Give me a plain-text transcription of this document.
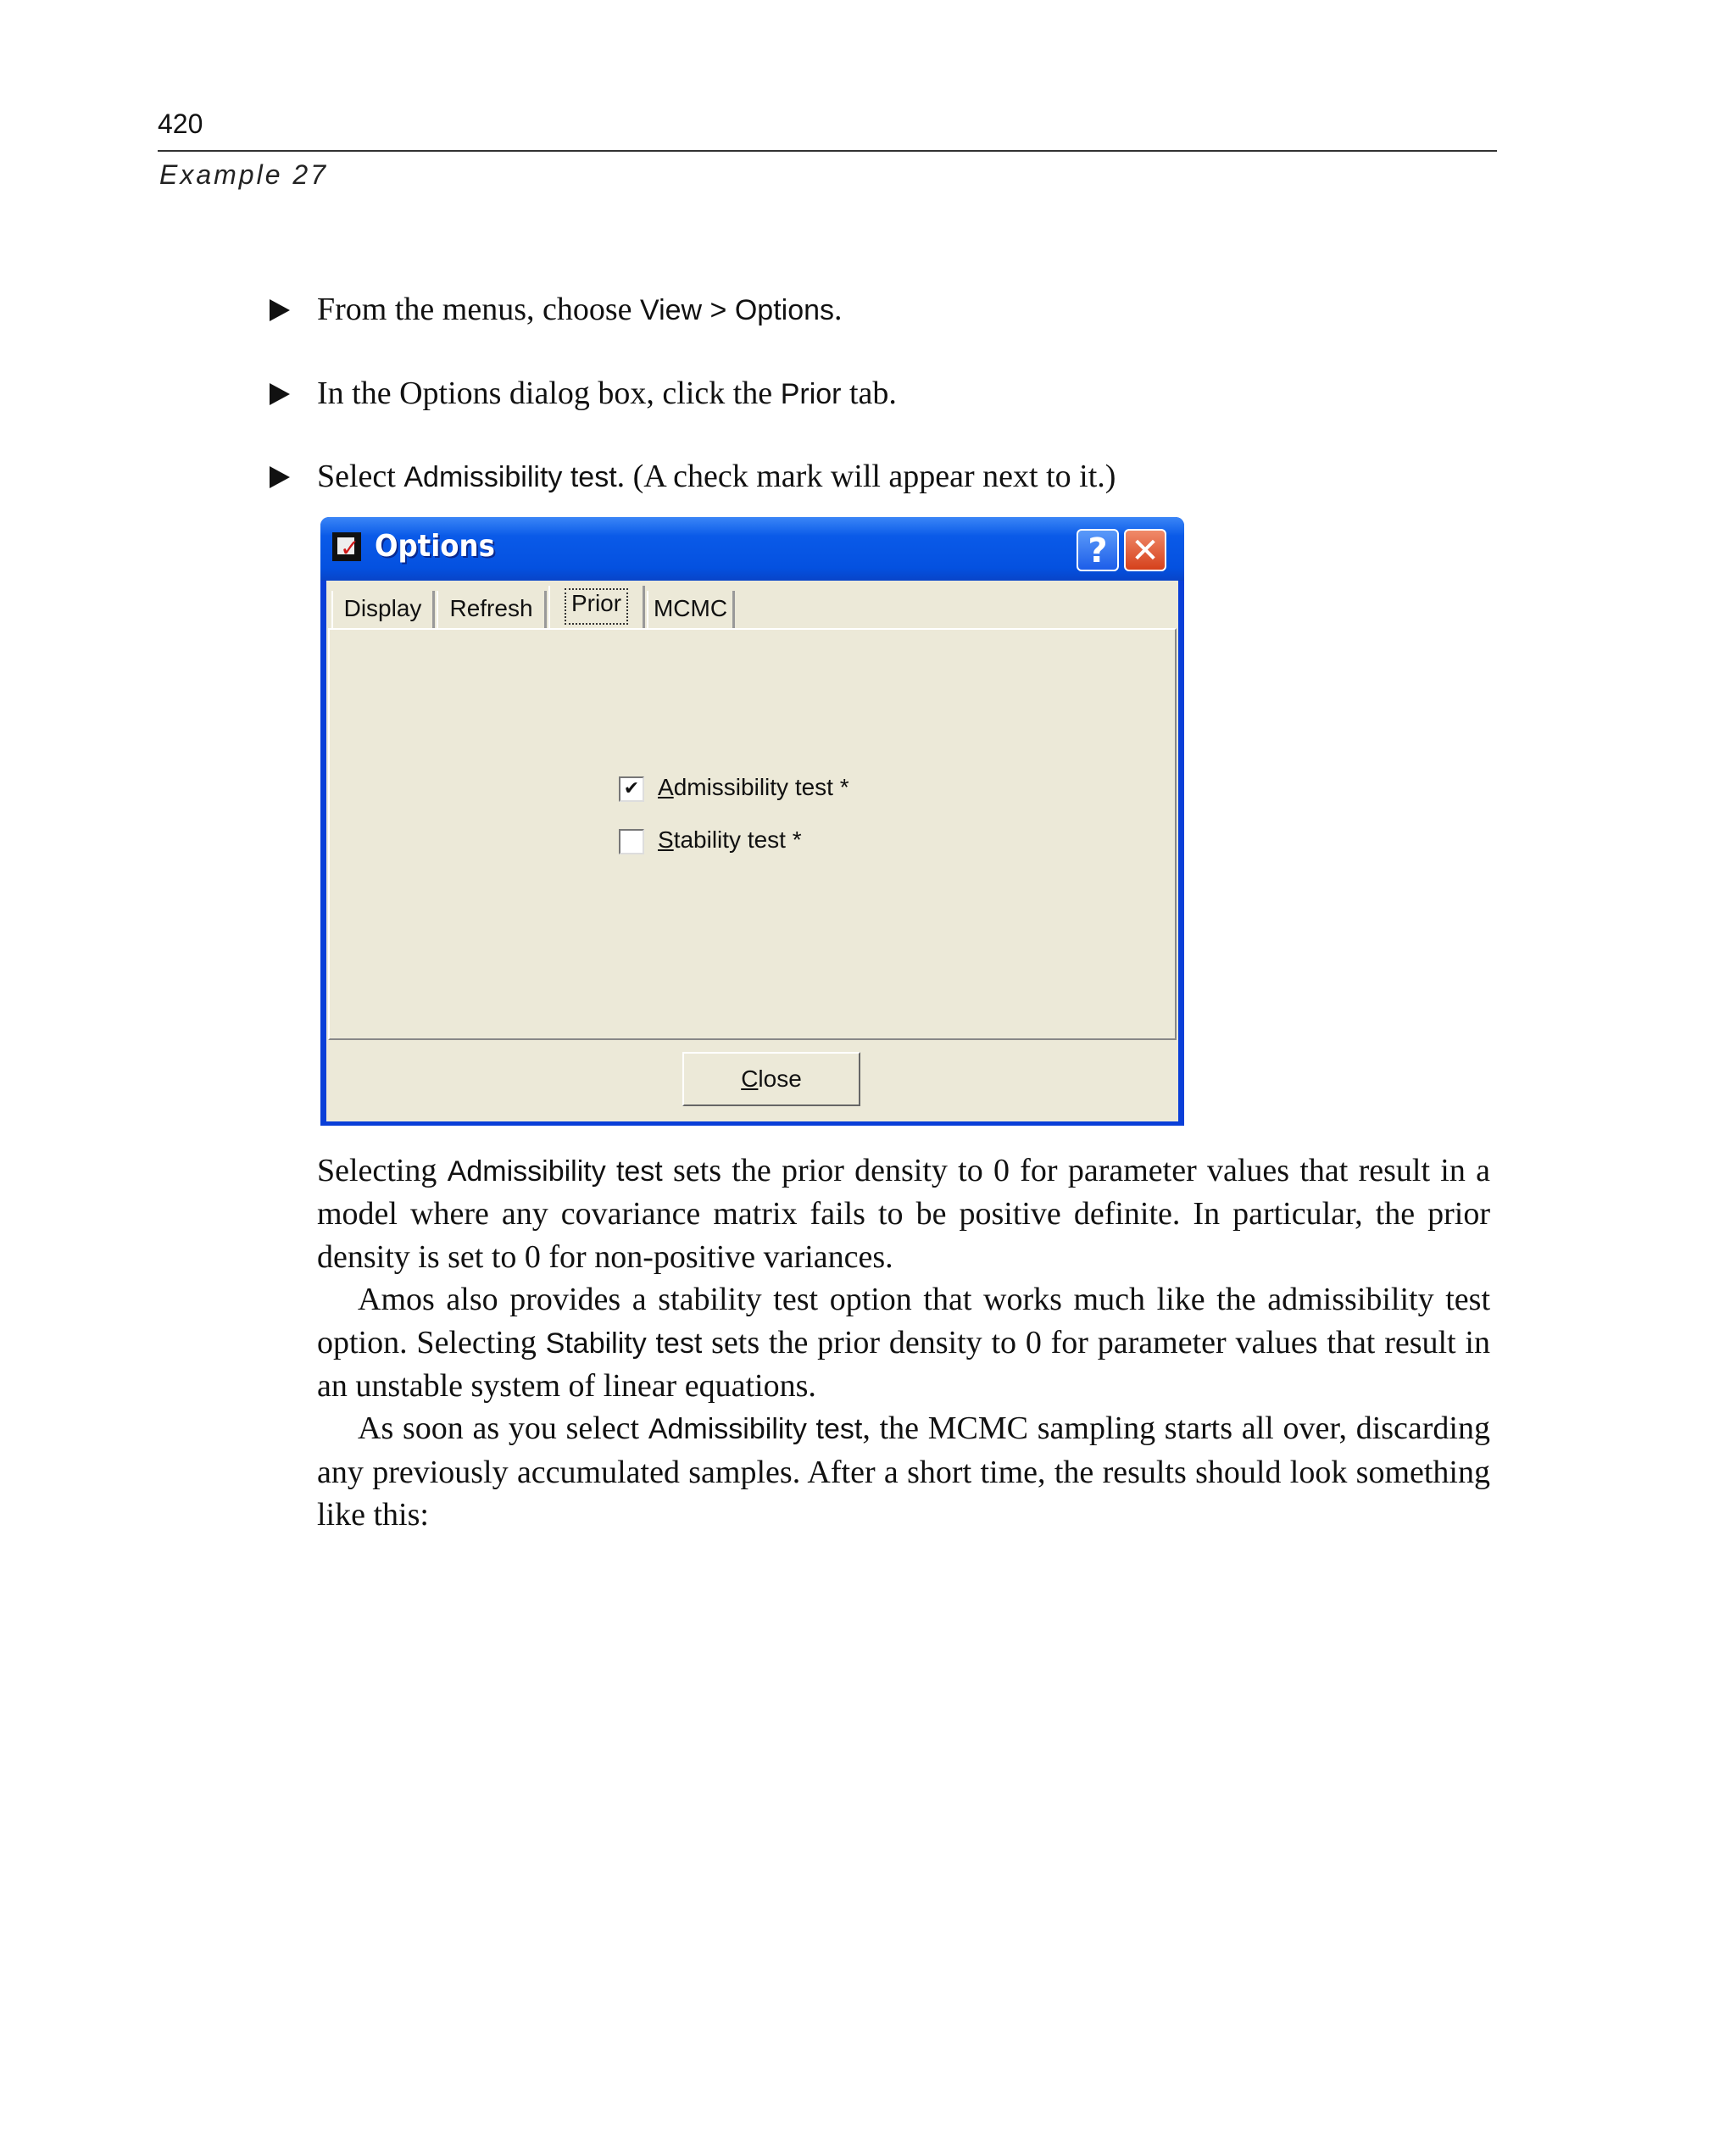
420
Example 27
From the menus, choose View > Options.
In the Options dialog box, click the Prior tab.
Select Admissibility test. (A check mark will appear next to it.)
✓ Options	? ✕
Display	Refresh	Prior	MCMC
✔ Admissibility test *
Stability test *
Close

Selecting Admissibility test sets the prior density to 0 for parameter values that result in a model where any covariance matrix fails to be positive definite. In particular, the prior density is set to 0 for non-positive variances.

Amos also provides a stability test option that works much like the admissibility test option. Selecting Stability test sets the prior density to 0 for parameter values that result in an unstable system of linear equations.

As soon as you select Admissibility test, the MCMC sampling starts all over, discarding any previously accumulated samples. After a short time, the results should look something like this:
